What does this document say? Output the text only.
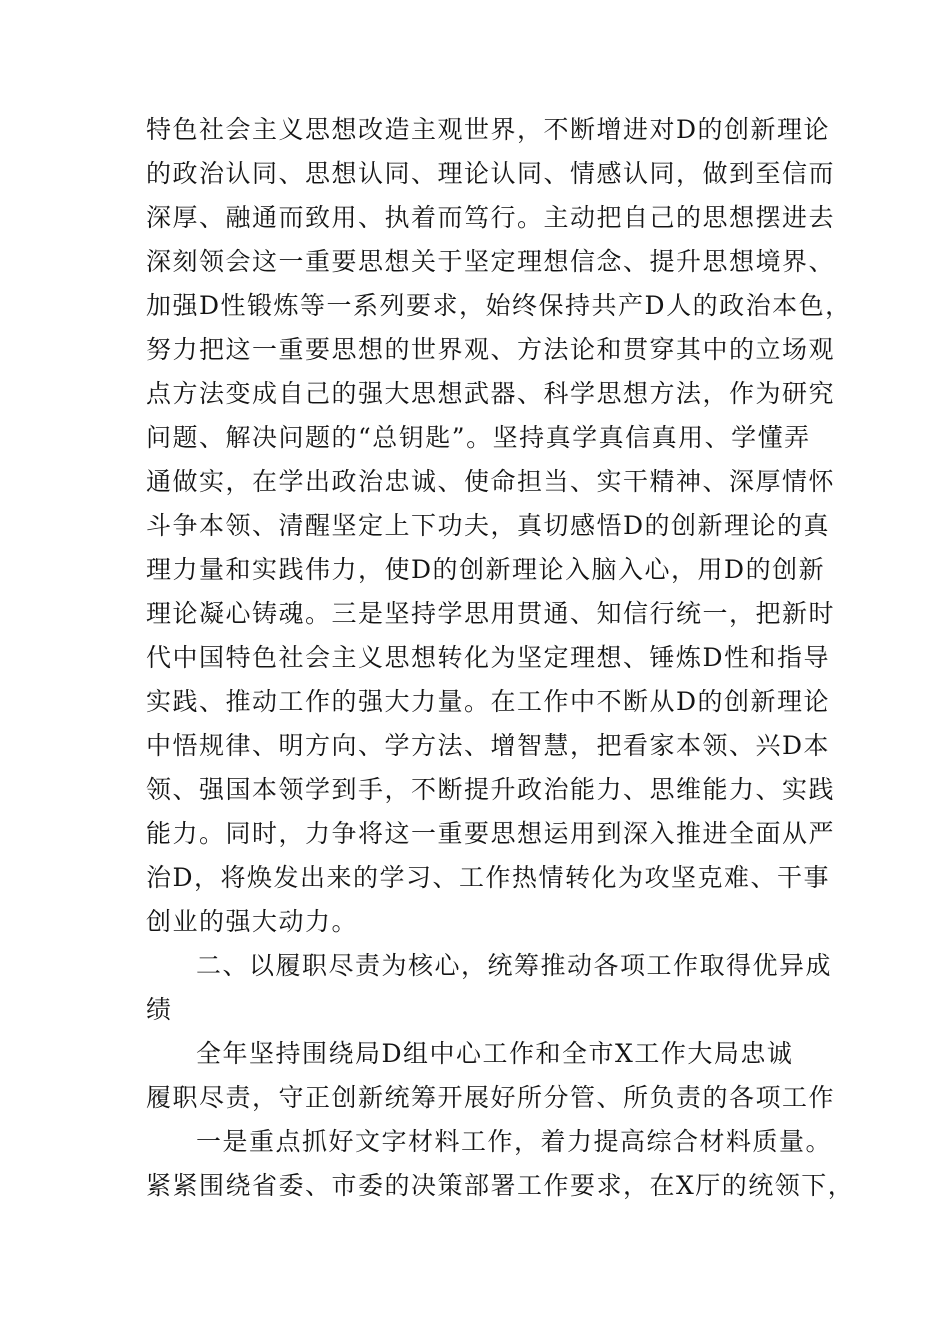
特色社会主义思想改造主观世界，不断增进对D的创新理论
的政治认同、思想认同、理论认同、情感认同，做到至信而
深厚、融通而致用、执着而笃行。主动把自己的思想摆进去
深刻领会这一重要思想关于坚定理想信念、提升思想境界、
加强D性锻炼等一系列要求，始终保持共产D人的政治本色，
努力把这一重要思想的世界观、方法论和贯穿其中的立场观
点方法变成自己的强大思想武器、科学思想方法，作为研究
问题、解决问题的“总钥匙”。坚持真学真信真用、学懂弄
通做实，在学出政治忠诚、使命担当、实干精神、深厚情怀
斗争本领、清醒坚定上下功夫，真切感悟D的创新理论的真
理力量和实践伟力，使D的创新理论入脑入心，用D的创新
理论凝心铸魂。三是坚持学思用贯通、知信行统一，把新时
代中国特色社会主义思想转化为坚定理想、锤炼D性和指导
实践、推动工作的强大力量。在工作中不断从D的创新理论
中悟规律、明方向、学方法、增智慧，把看家本领、兴D本
领、强国本领学到手，不断提升政治能力、思维能力、实践
能力。同时，力争将这一重要思想运用到深入推进全面从严
治D，将焕发出来的学习、工作热情转化为攻坚克难、干事
创业的强大动力。
二、以履职尽责为核心，统筹推动各项工作取得优异成
绩
全年坚持围绕局D组中心工作和全市X工作大局忠诚
履职尽责，守正创新统筹开展好所分管、所负责的各项工作
一是重点抓好文字材料工作，着力提高综合材料质量。
紧紧围绕省委、市委的决策部署工作要求，在X厅的统领下，
